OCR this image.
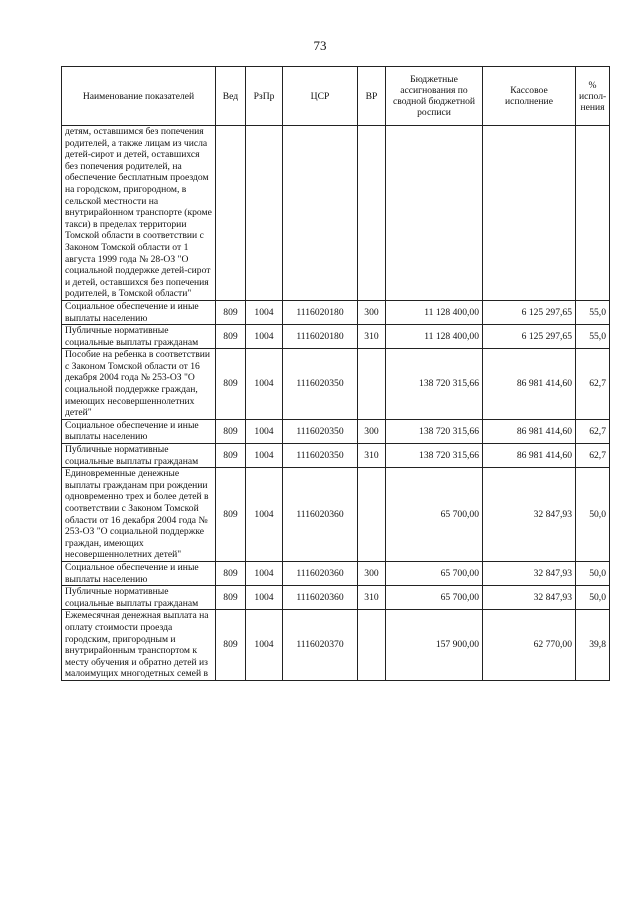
73
Наименование показателей	Вед	РзПр	ЦСР	ВР	Бюджетные ассигнования по сводной бюджетной росписи	Кассовое исполнение	% испол-нения
детям, оставшимся без попечения родителей, а также лицам из числа детей-сирот и детей, оставшихся без попечения родителей, на обеспечение бесплатным проездом на городском, пригородном, в сельской местности на внутрирайонном транспорте (кроме такси) в пределах территории Томской области в соответствии с Законом Томской области от 1 августа 1999 года № 28-ОЗ "О социальной поддержке детей-сирот и детей, оставшихся без попечения родителей, в Томской области"							
Социальное обеспечение и иные выплаты населению	809	1004	1116020180	300	11 128 400,00	6 125 297,65	55,0
Публичные нормативные социальные выплаты гражданам	809	1004	1116020180	310	11 128 400,00	6 125 297,65	55,0
Пособие на ребенка в соответствии с Законом Томской области от 16 декабря 2004 года № 253-ОЗ "О социальной поддержке граждан, имеющих несовершеннолетних детей"	809	1004	1116020350		138 720 315,66	86 981 414,60	62,7
Социальное обеспечение и иные выплаты населению	809	1004	1116020350	300	138 720 315,66	86 981 414,60	62,7
Публичные нормативные социальные выплаты гражданам	809	1004	1116020350	310	138 720 315,66	86 981 414,60	62,7
Единовременные денежные выплаты гражданам при рождении одновременно трех и более детей в соответствии с Законом Томской области от 16 декабря 2004 года № 253-ОЗ "О социальной поддержке граждан, имеющих несовершеннолетних детей"	809	1004	1116020360		65 700,00	32 847,93	50,0
Социальное обеспечение и иные выплаты населению	809	1004	1116020360	300	65 700,00	32 847,93	50,0
Публичные нормативные социальные выплаты гражданам	809	1004	1116020360	310	65 700,00	32 847,93	50,0
Ежемесячная денежная выплата на оплату стоимости проезда городским, пригородным и внутрирайонным транспортом к месту обучения и обратно детей из малоимущих многодетных семей в	809	1004	1116020370		157 900,00	62 770,00	39,8
